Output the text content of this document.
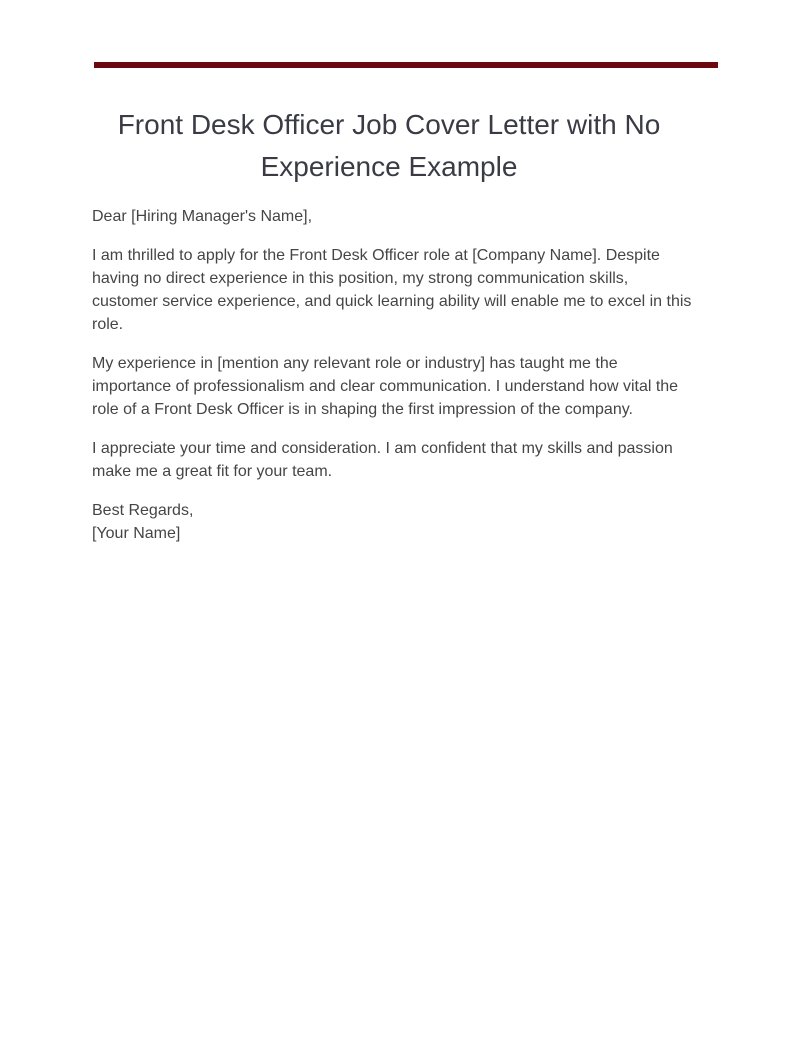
Front Desk Officer Job Cover Letter with No Experience Example

Dear [Hiring Manager's Name],

I am thrilled to apply for the Front Desk Officer role at [Company Name]. Despite having no direct experience in this position, my strong communication skills, customer service experience, and quick learning ability will enable me to excel in this role.

My experience in [mention any relevant role or industry] has taught me the importance of professionalism and clear communication. I understand how vital the role of a Front Desk Officer is in shaping the first impression of the company.

I appreciate your time and consideration. I am confident that my skills and passion make me a great fit for your team.

Best Regards,
[Your Name]
